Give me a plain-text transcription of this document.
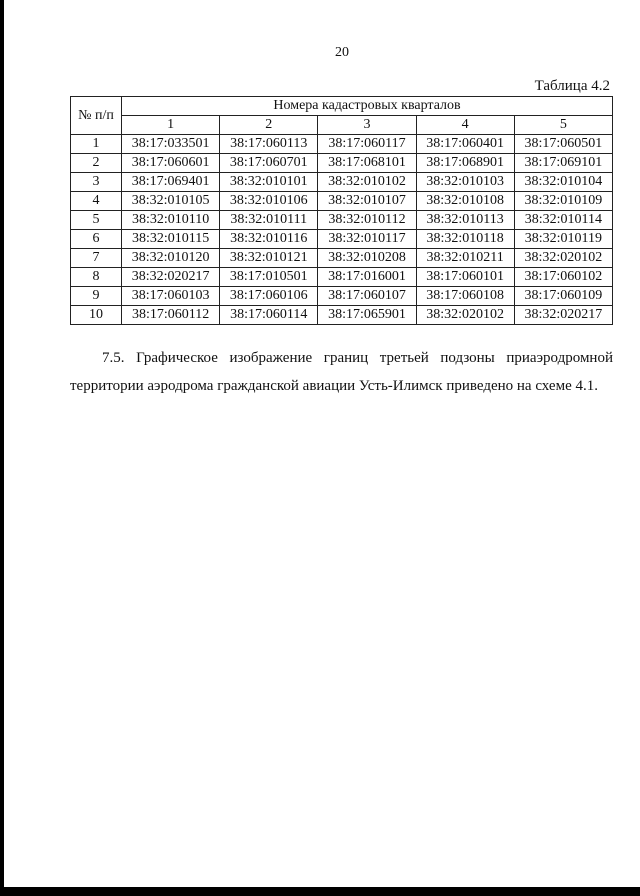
20
Таблица 4.2
№ п/п	Номера кадастровых кварталов				
	1	2	3	4	5
1	38:17:033501	38:17:060113	38:17:060117	38:17:060401	38:17:060501
2	38:17:060601	38:17:060701	38:17:068101	38:17:068901	38:17:069101
3	38:17:069401	38:32:010101	38:32:010102	38:32:010103	38:32:010104
4	38:32:010105	38:32:010106	38:32:010107	38:32:010108	38:32:010109
5	38:32:010110	38:32:010111	38:32:010112	38:32:010113	38:32:010114
6	38:32:010115	38:32:010116	38:32:010117	38:32:010118	38:32:010119
7	38:32:010120	38:32:010121	38:32:010208	38:32:010211	38:32:020102
8	38:32:020217	38:17:010501	38:17:016001	38:17:060101	38:17:060102
9	38:17:060103	38:17:060106	38:17:060107	38:17:060108	38:17:060109
10	38:17:060112	38:17:060114	38:17:065901	38:32:020102	38:32:020217
7.5. Графическое изображение границ третьей подзоны приаэродромной
территории аэродрома гражданской авиации Усть-Илимск приведено на схеме 4.1.
